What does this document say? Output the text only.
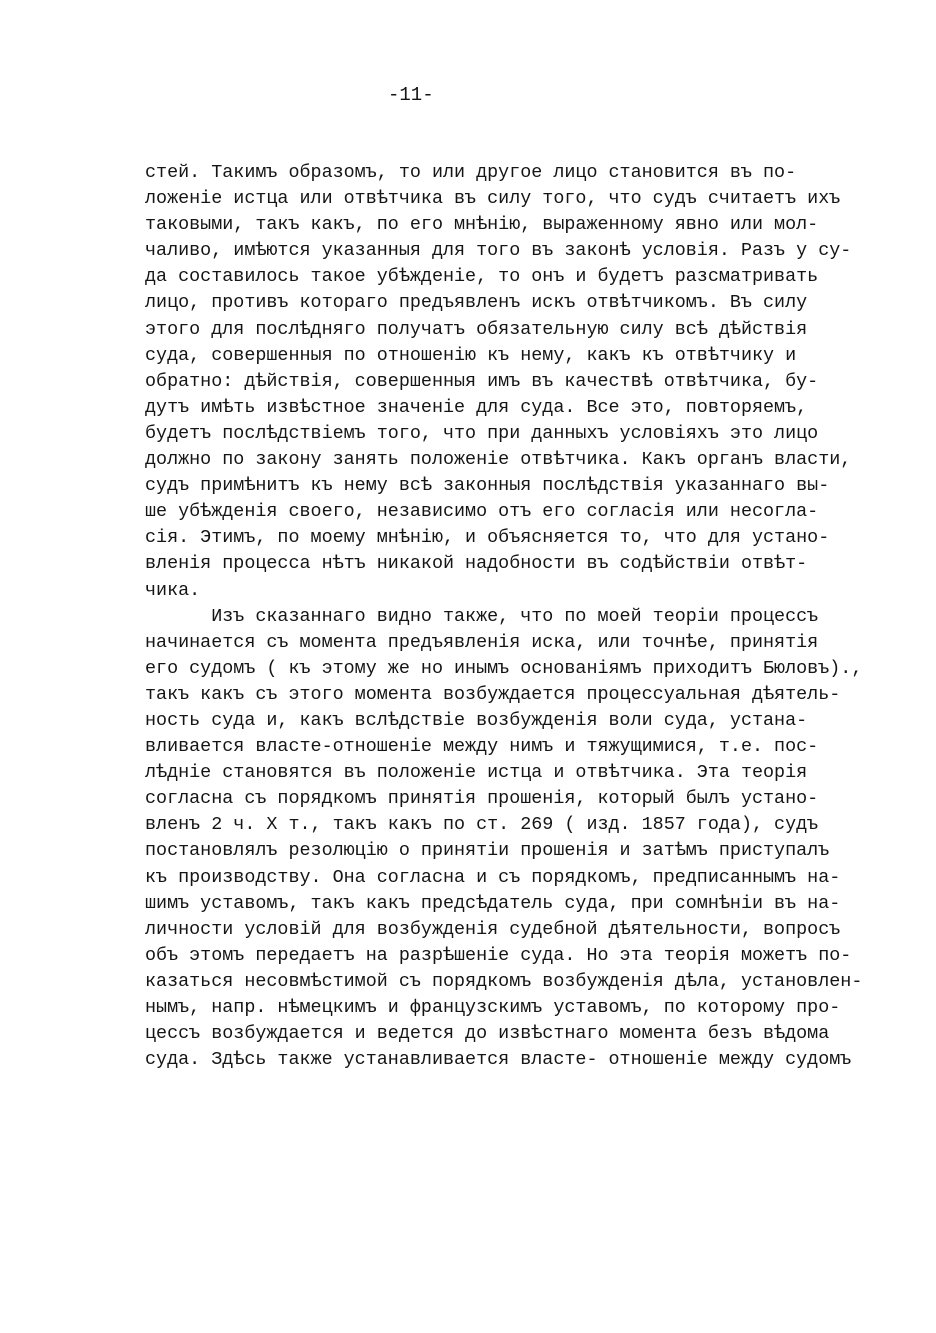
-11-
стей. Такимъ образомъ, то или другое лицо становится въ по-
ложеніе истца или отвѣтчика въ силу того, что судъ считаетъ ихъ
таковыми, такъ какъ, по его мнѣнію, выраженному явно или мол-
чаливо, имѣются указанныя для того въ законѣ условія. Разъ у су-
да составилось такое убѣжденіе, то онъ и будетъ разсматривать
лицо, противъ котораго предъявленъ искъ отвѣтчикомъ. Въ силу
этого для послѣдняго получатъ обязательную силу всѣ дѣйствія
суда, совершенныя по отношенію къ нему, какъ къ отвѣтчику и
обратно: дѣйствія, совершенныя имъ въ качествѣ отвѣтчика, бу-
дутъ имѣть извѣстное значеніе для суда. Все это, повторяемъ,
будетъ послѣдствіемъ того, что при данныхъ условіяхъ это лицо
должно по закону занять положеніе отвѣтчика. Какъ органъ власти,
судъ примѣнитъ къ нему всѣ законныя послѣдствія указаннаго вы-
ше убѣжденія своего, независимо отъ его согласія или несогла-
сія. Этимъ, по моему мнѣнію, и объясняется то, что для устано-
вленія процесса нѣтъ никакой надобности въ содѣйствіи отвѣт-
чика.
Изъ сказаннаго видно также, что по моей теоріи процессъ
начинается съ момента предъявленія иска, или точнѣе, принятія
его судомъ ( къ этому же но инымъ основаніямъ приходитъ Бюловъ).,
такъ какъ съ этого момента возбуждается процессуальная дѣятель-
ность суда и, какъ вслѣдствіе возбужденія воли суда, устана-
вливается власте-отношеніе между нимъ и тяжущимися, т.е. пос-
лѣдніе становятся въ положеніе истца и отвѣтчика. Эта теорія
согласна съ порядкомъ принятія прошенія, который былъ устано-
вленъ 2 ч. X т., такъ какъ по ст. 269 ( изд. 1857 года), судъ
постановлялъ резолюцію о принятіи прошенія и затѣмъ приступалъ
къ производству. Она согласна и съ порядкомъ, предписаннымъ на-
шимъ уставомъ, такъ какъ предсѣдатель суда, при сомнѣніи въ на-
личности условій для возбужденія судебной дѣятельности, вопросъ
объ этомъ передаетъ на разрѣшеніе суда. Но эта теорія можетъ по-
казаться несовмѣстимой съ порядкомъ возбужденія дѣла, установлен-
нымъ, напр. нѣмецкимъ и французскимъ уставомъ, по которому про-
цессъ возбуждается и ведется до извѣстнаго момента безъ вѣдома
суда. Здѣсь также устанавливается власте- отношеніе между судомъ
